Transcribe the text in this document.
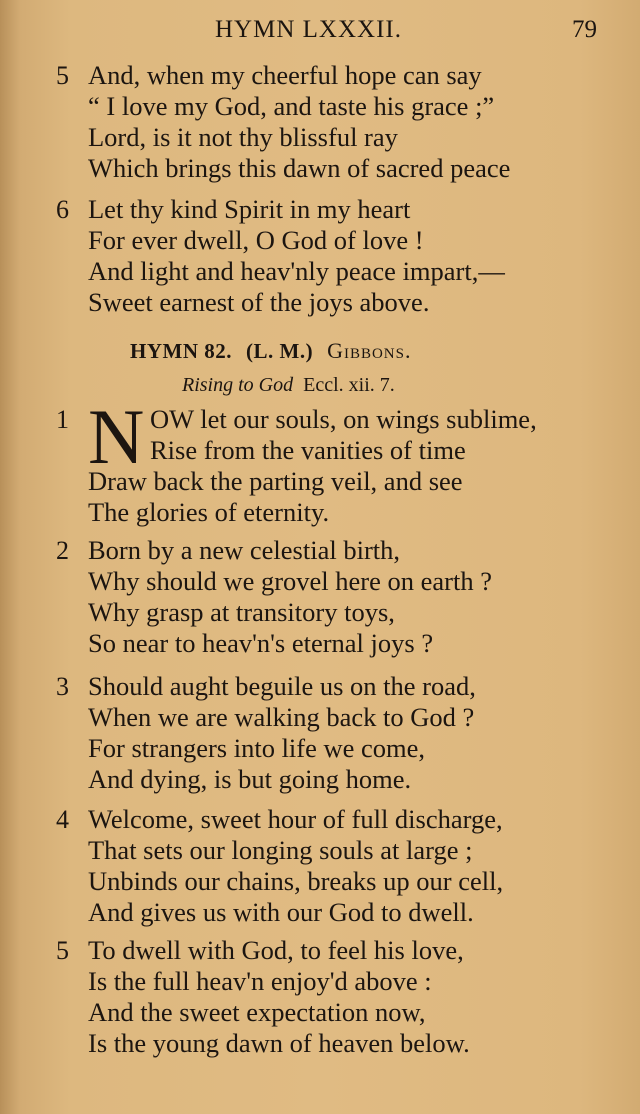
HYMN LXXXII.	79
5 And, when my cheerful hope can say
“ I love my God, and taste his grace ;”
Lord, is it not thy blissful ray
Which brings this dawn of sacred peace
6 Let thy kind Spirit in my heart
For ever dwell, O God of love !
And light and heav'nly peace impart,—
Sweet earnest of the joys above.
HYMN 82. (L. M.) Gibbons.
Rising to God Eccl. xii. 7.
N
1	OW let our souls, on wings sublime,
Rise from the vanities of time
Draw back the parting veil, and see
The glories of eternity.
2 Born by a new celestial birth,
Why should we grovel here on earth ?
Why grasp at transitory toys,
So near to heav'n's eternal joys ?
3 Should aught beguile us on the road,
When we are walking back to God ?
For strangers into life we come,
And dying, is but going home.
4 Welcome, sweet hour of full discharge,
That sets our longing souls at large ;
Unbinds our chains, breaks up our cell,
And gives us with our God to dwell.
5 To dwell with God, to feel his love,
Is the full heav'n enjoy'd above :
And the sweet expectation now,
Is the young dawn of heaven below.
